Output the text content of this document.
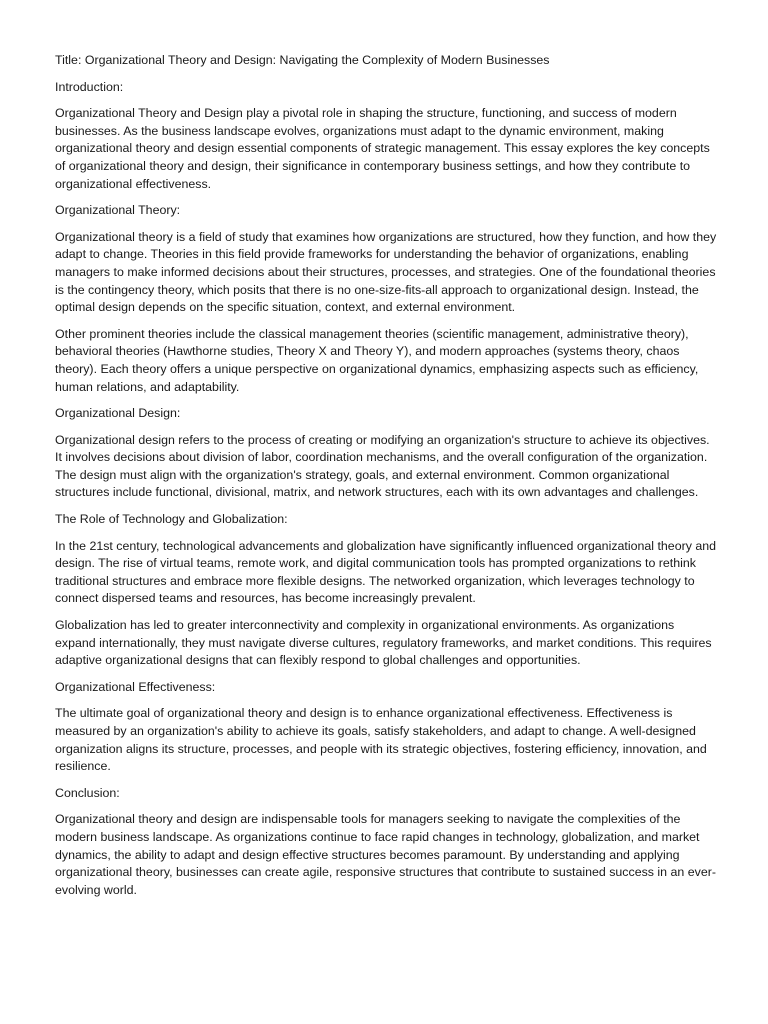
Title: Organizational Theory and Design: Navigating the Complexity of Modern Businesses

Introduction:

Organizational Theory and Design play a pivotal role in shaping the structure, functioning, and success of modern businesses. As the business landscape evolves, organizations must adapt to the dynamic environment, making organizational theory and design essential components of strategic management. This essay explores the key concepts of organizational theory and design, their significance in contemporary business settings, and how they contribute to organizational effectiveness.

Organizational Theory:

Organizational theory is a field of study that examines how organizations are structured, how they function, and how they adapt to change. Theories in this field provide frameworks for understanding the behavior of organizations, enabling managers to make informed decisions about their structures, processes, and strategies. One of the foundational theories is the contingency theory, which posits that there is no one-size-fits-all approach to organizational design. Instead, the optimal design depends on the specific situation, context, and external environment.

Other prominent theories include the classical management theories (scientific management, administrative theory), behavioral theories (Hawthorne studies, Theory X and Theory Y), and modern approaches (systems theory, chaos theory). Each theory offers a unique perspective on organizational dynamics, emphasizing aspects such as efficiency, human relations, and adaptability.

Organizational Design:

Organizational design refers to the process of creating or modifying an organization's structure to achieve its objectives. It involves decisions about division of labor, coordination mechanisms, and the overall configuration of the organization. The design must align with the organization's strategy, goals, and external environment. Common organizational structures include functional, divisional, matrix, and network structures, each with its own advantages and challenges.

The Role of Technology and Globalization:

In the 21st century, technological advancements and globalization have significantly influenced organizational theory and design. The rise of virtual teams, remote work, and digital communication tools has prompted organizations to rethink traditional structures and embrace more flexible designs. The networked organization, which leverages technology to connect dispersed teams and resources, has become increasingly prevalent.

Globalization has led to greater interconnectivity and complexity in organizational environments. As organizations expand internationally, they must navigate diverse cultures, regulatory frameworks, and market conditions. This requires adaptive organizational designs that can flexibly respond to global challenges and opportunities.

Organizational Effectiveness:

The ultimate goal of organizational theory and design is to enhance organizational effectiveness. Effectiveness is measured by an organization's ability to achieve its goals, satisfy stakeholders, and adapt to change. A well-designed organization aligns its structure, processes, and people with its strategic objectives, fostering efficiency, innovation, and resilience.

Conclusion:

Organizational theory and design are indispensable tools for managers seeking to navigate the complexities of the modern business landscape. As organizations continue to face rapid changes in technology, globalization, and market dynamics, the ability to adapt and design effective structures becomes paramount. By understanding and applying organizational theory, businesses can create agile, responsive structures that contribute to sustained success in an ever-evolving world.
